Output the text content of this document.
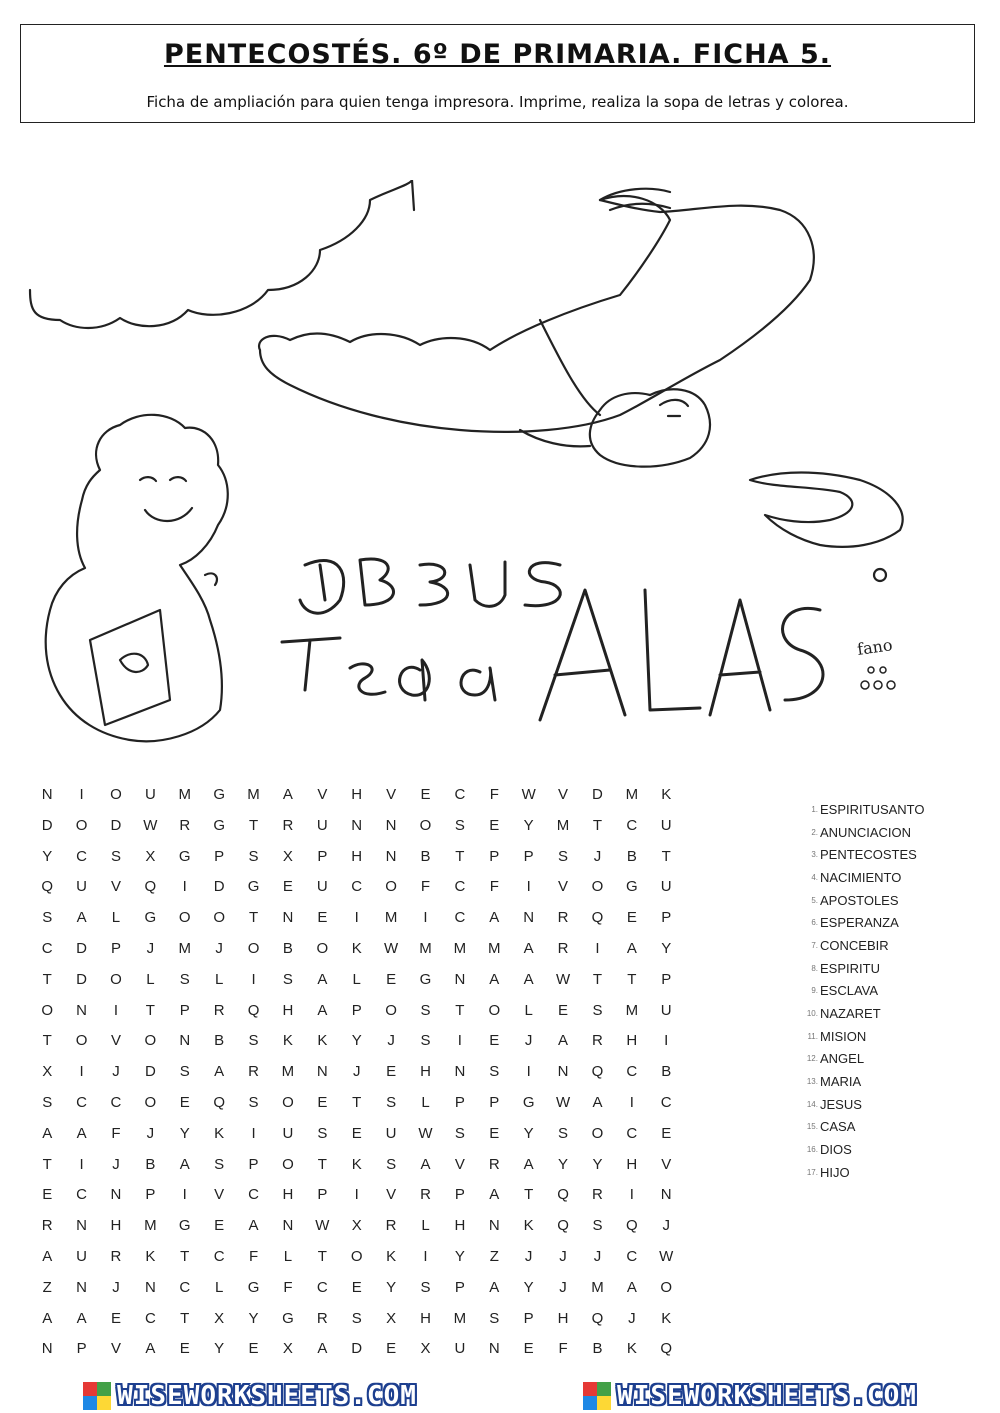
PENTECOSTÉS. 6º DE PRIMARIA. FICHA 5.
Ficha de ampliación para quien tenga impresora. Imprime, realiza la sopa de letras y colorea.
fano
JESÚS
Te	da	ALAS
N	I	O	U	M	G	M	A	V	H	V	E	C	F	W	V	D	M	K
D	O	D	W	R	G	T	R	U	N	N	O	S	E	Y	M	T	C	U
Y	C	S	X	G	P	S	X	P	H	N	B	T	P	P	S	J	B	T
Q	U	V	Q	I	D	G	E	U	C	O	F	C	F	I	V	O	G	U
S	A	L	G	O	O	T	N	E	I	M	I	C	A	N	R	Q	E	P
C	D	P	J	M	J	O	B	O	K	W	M	M	M	A	R	I	A	Y
T	D	O	L	S	L	I	S	A	L	E	G	N	A	A	W	T	T	P
O	N	I	T	P	R	Q	H	A	P	O	S	T	O	L	E	S	M	U
T	O	V	O	N	B	S	K	K	Y	J	S	I	E	J	A	R	H	I
X	I	J	D	S	A	R	M	N	J	E	H	N	S	I	N	Q	C	B
S	C	C	O	E	Q	S	O	E	T	S	L	P	P	G	W	A	I	C
A	A	F	J	Y	K	I	U	S	E	U	W	S	E	Y	S	O	C	E
T	I	J	B	A	S	P	O	T	K	S	A	V	R	A	Y	Y	H	V
E	C	N	P	I	V	C	H	P	I	V	R	P	A	T	Q	R	I	N
R	N	H	M	G	E	A	N	W	X	R	L	H	N	K	Q	S	Q	J
A	U	R	K	T	C	F	L	T	O	K	I	Y	Z	J	J	J	C	W
Z	N	J	N	C	L	G	F	C	E	Y	S	P	A	Y	J	M	A	O
A	A	E	C	T	X	Y	G	R	S	X	H	M	S	P	H	Q	J	K
N	P	V	A	E	Y	E	X	A	D	E	X	U	N	E	F	B	K	Q
1 . ESPIRITUSANTO
2 . ANUNCIACION
3 . PENTECOSTES
4 . NACIMIENTO
5 . APOSTOLES
6 . ESPERANZA
7 . CONCEBIR
8 . ESPIRITU
9 . ESCLAVA
10 . NAZARET
11 . MISION
12 . ANGEL
13 . MARIA
14 . JESUS
15 . CASA
16 . DIOS
17 . HIJO
WISEWORKSHEETS.COM	WISEWORKSHEETS.COM
